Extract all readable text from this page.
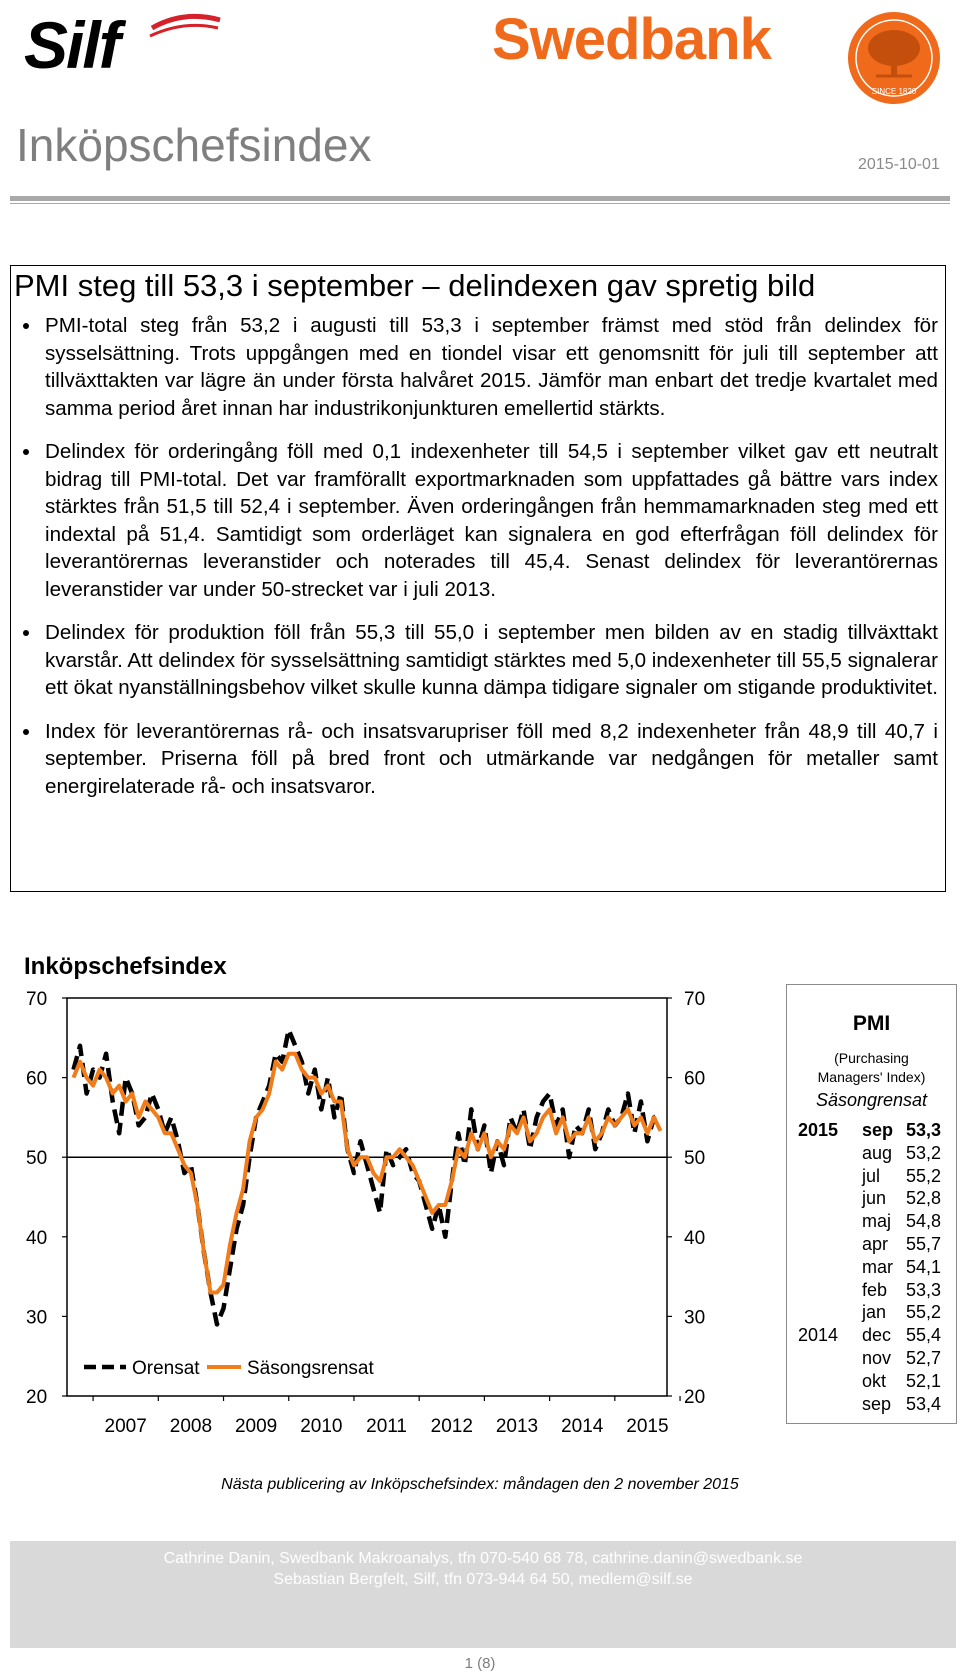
Silf	Swedbank
SINCE 1820
Inköpschefsindex	2015-10-01
PMI steg till 53,3 i september – delindexen gav spretig bild
PMI-total steg från 53,2 i augusti till 53,3 i september främst med stöd från delindex för sysselsättning. Trots uppgången med en tiondel visar ett genomsnitt för juli till september att tillväxttakten var lägre än under första halvåret 2015. Jämför man enbart det tredje kvartalet med samma period året innan har industrikonjunkturen emellertid stärkts.
Delindex för orderingång föll med 0,1 indexenheter till 54,5 i september vilket gav ett neutralt bidrag till PMI-total. Det var framförallt exportmarknaden som uppfattades gå bättre vars index stärktes från 51,5 till 52,4 i september. Även orderingången från hemmamarknaden steg med ett indextal på 51,4. Samtidigt som orderläget kan signalera en god efterfrågan föll delindex för leverantörernas leveranstider och noterades till 45,4. Senast delindex för leverantörernas leveranstider var under 50-strecket var i juli 2013.
Delindex för produktion föll från 55,3 till 55,0 i september men bilden av en stadig tillväxttakt kvarstår. Att delindex för sysselsättning samtidigt stärktes med 5,0 indexenheter till 55,5 signalerar ett ökat nyanställningsbehov vilket skulle kunna dämpa tidigare signaler om stigande produktivitet.
Index för leverantörernas rå- och insatsvarupriser föll med 8,2 indexenheter från 48,9 till 40,7 i september. Priserna föll på bred front och utmärkande var nedgången för metaller samt energirelaterade rå- och insatsvaror.
Inköpschefsindex
70	70
60	60
50	50
40	40
30	30
20	20
2007 2008 2009 2010 2011 2012 2013 2014 2015
Orensat Säsongsrensat
PMI
(Purchasing
Managers' Index)
Säsongrensat
2015 sep 53,3
aug 53,2
jul 55,2
jun 52,8
maj 54,8
apr 55,7
mar 54,1
feb 53,3
jan 55,2
2014 dec 55,4
nov 52,7
okt 52,1
sep 53,4
Nästa publicering av Inköpschefsindex: måndagen den 2 november 2015
Cathrine Danin, Swedbank Makroanalys, tfn 070-540 68 78, cathrine.danin@swedbank.se
Sebastian Bergfelt, Silf, tfn 073-944 64 50, medlem@silf.se
1 (8)
